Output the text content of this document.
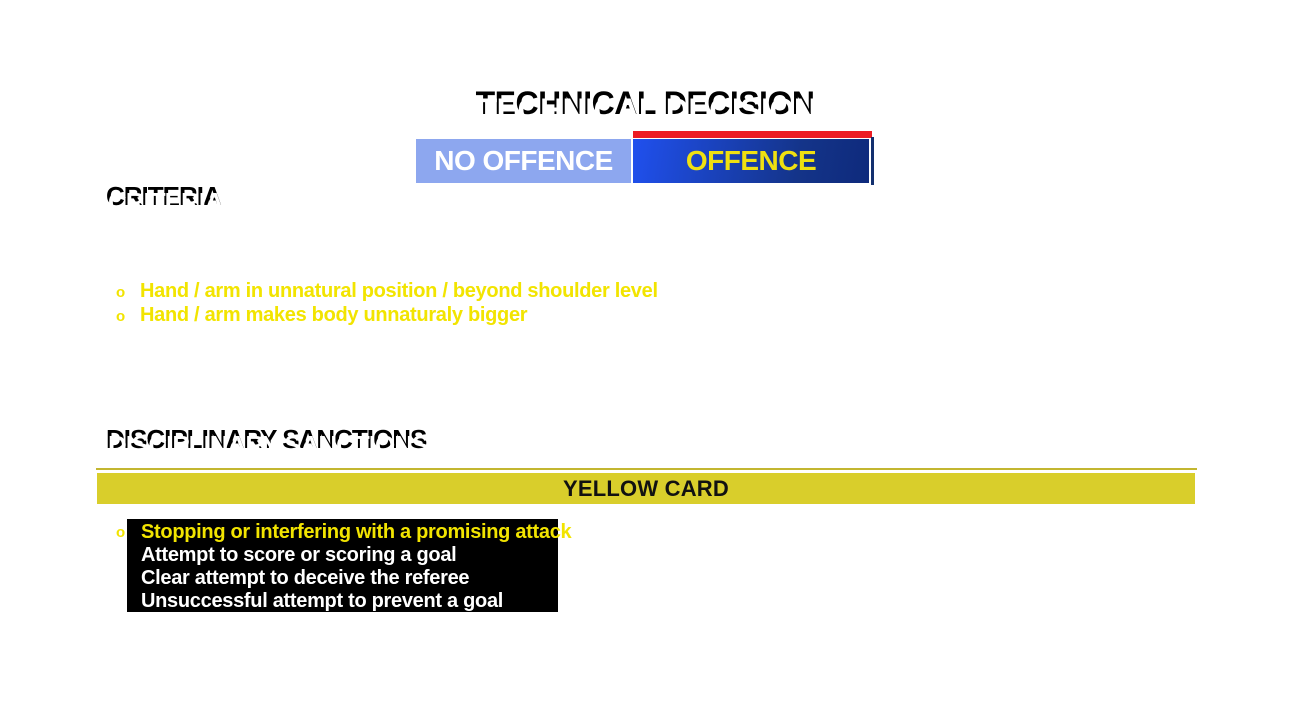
TECHNICAL DECISION TECHNICAL DECISION
NO OFFENCE	OFFENCE
CRITERIA CRITERIA
o Hand / arm in unnatural position / beyond shoulder level
o Hand / arm makes body unnaturaly bigger
DISCIPLINARY SANCTIONS DISCIPLINARY SANCTIONS
YELLOW CARD
o Stopping or interfering with a promising attack
o Attempt to score or scoring a goal
o Clear attempt to deceive the referee
o Unsuccessful attempt to prevent a goal
